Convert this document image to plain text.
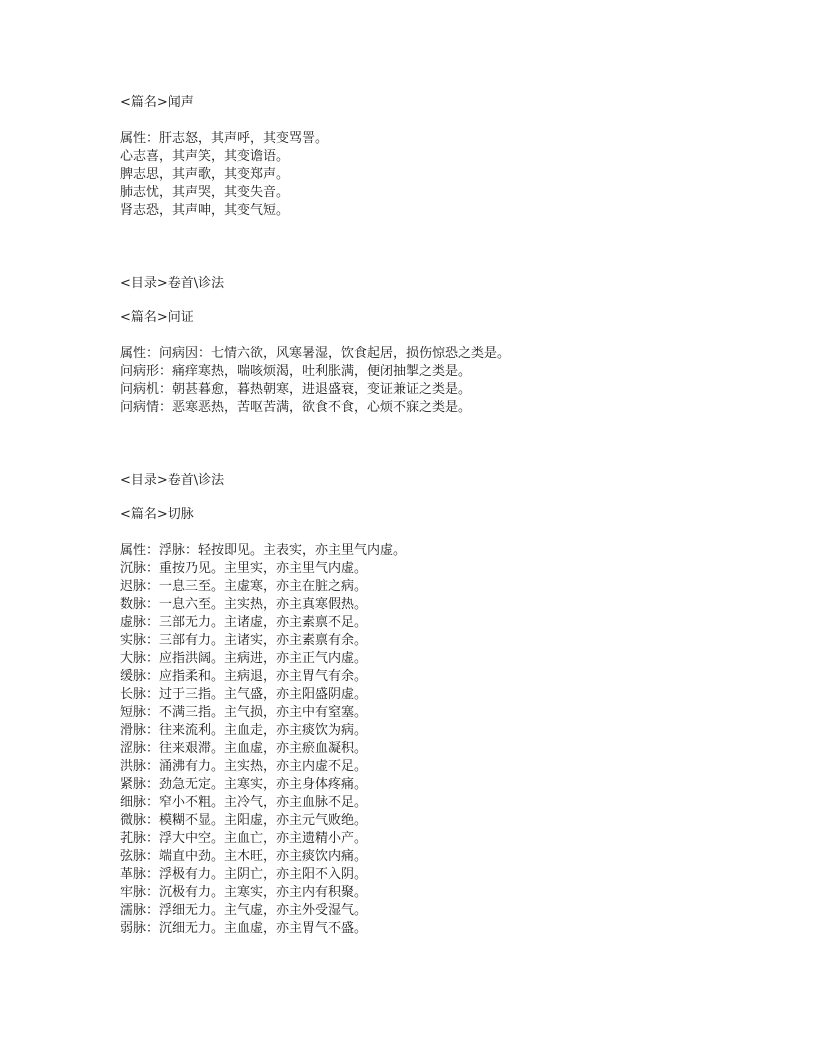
<篇名>闻声
属性：肝志怒，其声呼，其变骂詈。
心志喜，其声笑，其变谵语。
脾志思，其声歌，其变郑声。
肺志忧，其声哭，其变失音。
肾志恐，其声呻，其变气短。
<目录>卷首\诊法
<篇名>问证
属性：问病因：七情六欲，风寒暑湿，饮食起居，损伤惊恐之类是。
问病形：痛痒寒热，喘咳烦渴，吐利胀满，便闭抽掣之类是。
问病机：朝甚暮愈，暮热朝寒，进退盛衰，变证兼证之类是。
问病情：恶寒恶热，苦呕苦满，欲食不食，心烦不寐之类是。
<目录>卷首\诊法
<篇名>切脉
属性：浮脉：轻按即见。主表实，亦主里气内虚。
沉脉：重按乃见。主里实，亦主里气内虚。
迟脉：一息三至。主虚寒，亦主在脏之病。
数脉：一息六至。主实热，亦主真寒假热。
虚脉：三部无力。主诸虚，亦主素禀不足。
实脉：三部有力。主诸实，亦主素禀有余。
大脉：应指洪阔。主病进，亦主正气内虚。
缓脉：应指柔和。主病退，亦主胃气有余。
长脉：过于三指。主气盛，亦主阳盛阴虚。
短脉：不满三指。主气损，亦主中有窒塞。
滑脉：往来流利。主血走，亦主痰饮为病。
涩脉：往来艰滞。主血虚，亦主瘀血凝积。
洪脉：涌沸有力。主实热，亦主内虚不足。
紧脉：劲急无定。主寒实，亦主身体疼痛。
细脉：窄小不粗。主冷气，亦主血脉不足。
微脉：模糊不显。主阳虚，亦主元气败绝。
芤脉：浮大中空。主血亡，亦主遗精小产。
弦脉：端直中劲。主木旺，亦主痰饮内痛。
革脉：浮极有力。主阴亡，亦主阳不入阴。
牢脉：沉极有力。主寒实，亦主内有积聚。
濡脉：浮细无力。主气虚，亦主外受湿气。
弱脉：沉细无力。主血虚，亦主胃气不盛。
